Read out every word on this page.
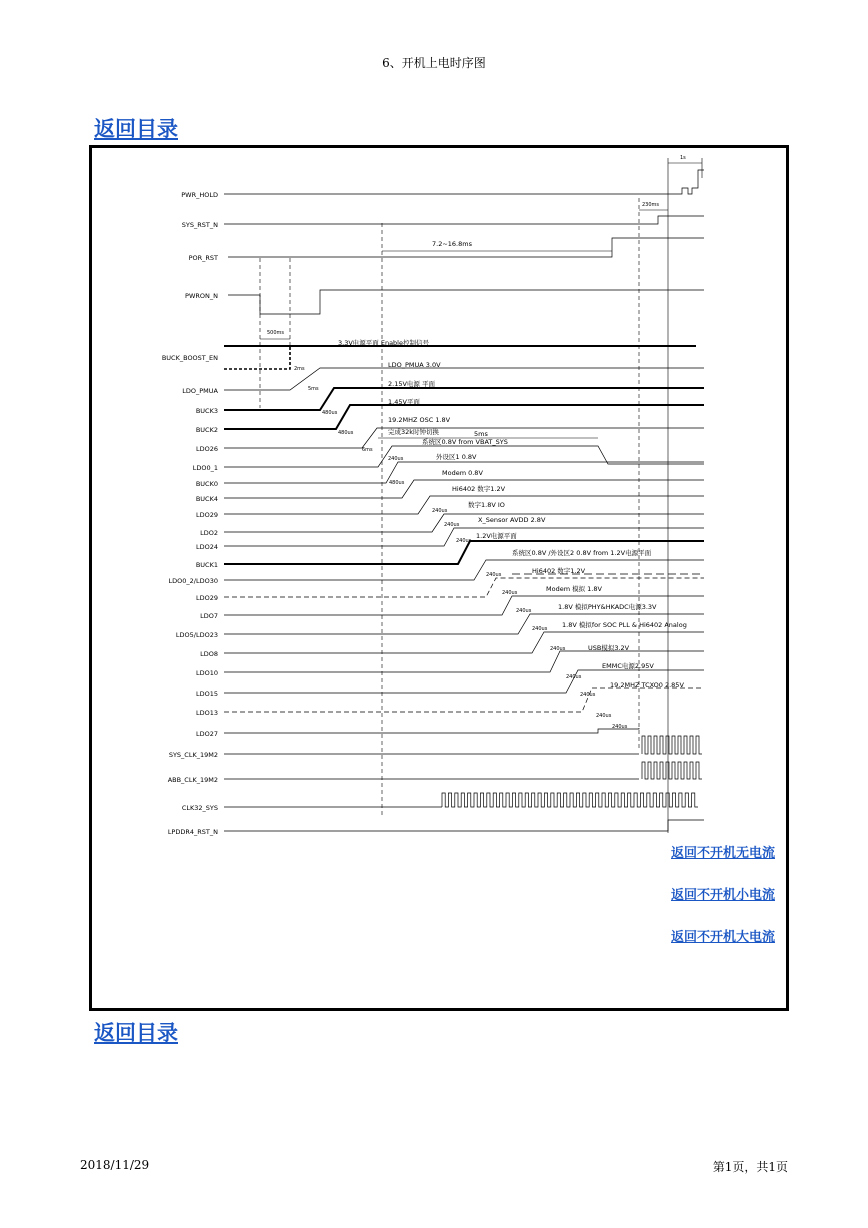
6、开机上电时序图
返回目录
1s
230ms
7.2~16.8ms
500ms
PWR_HOLD
SYS_RST_N
POR_RST
PWRON_N
BUCK_BOOST_EN
LDO_PMUA
BUCK3
BUCK2
LDO26
LDO0_1
BUCK0
BUCK4
LDO29
LDO2
LDO24
BUCK1
LDO0_2/LDO30
LDO29
LDO7
LDO5/LDO23
LDO8
LDO10
LDO15
LDO13
LDO27
SYS_CLK_19M2
ABB_CLK_19M2
CLK32_SYS
LPDDR4_RST_N
2ms
5ms
480us
480us
6ms
5ms
3.3V电源平面 Enable控制信号
LDO_PMUA 3.0V
2.15V电源 平面
1.45V平面
19.2MHZ OSC 1.8V
完成32k时钟切换
系统区0.8V from VBAT_SYS
外设区1 0.8V
Modem 0.8V
Hi6402 数字1.2V
数字1.8V IO
X_Sensor AVDD 2.8V
1.2V电源平面
系统区0.8V /外设区2 0.8V from 1.2V电源平面
Hi6402 数字1.2V
Modem 模拟 1.8V
1.8V 模拟PHY&HKADC电源3.3V
1.8V 模拟for SOC PLL & Hi6402 Analog
USB模拟3.2V
EMMC电源2.95V
19.2MHZ TCXO0 2.85V
240us
480us
240us
240us
240us
240us
240us
240us
240us
240us
240us
240us
240us
240us
返回不开机无电流
返回不开机小电流
返回不开机大电流
返回目录
2018/11/29	第1页，共1页
